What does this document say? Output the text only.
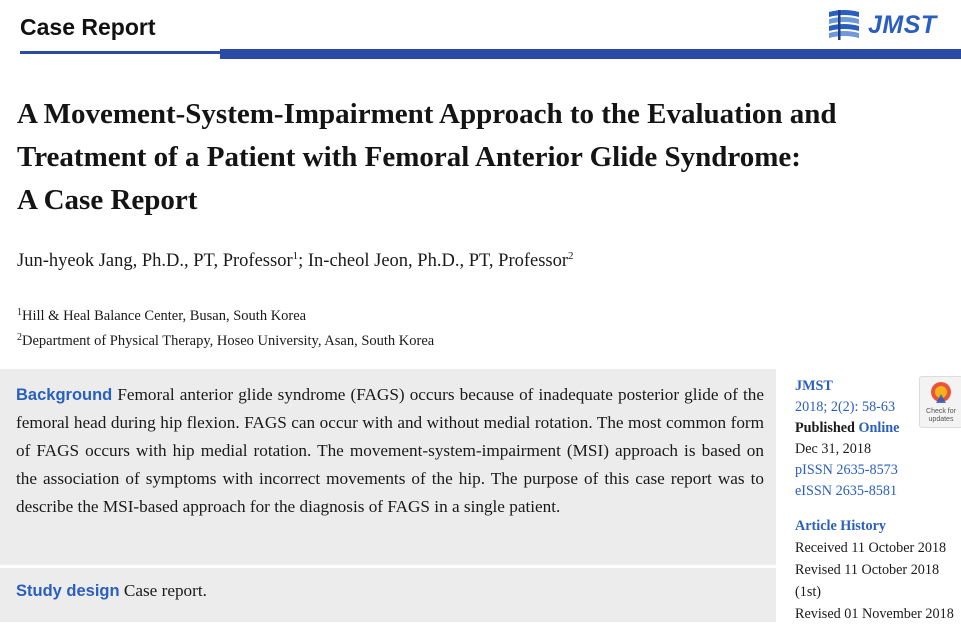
Case Report	JMST
A Movement-System-Impairment Approach to the Evaluation and
Treatment of a Patient with Femoral Anterior Glide Syndrome:
A Case Report
Jun-hyeok Jang, Ph.D., PT, Professor$^1$; In-cheol Jeon, Ph.D., PT, Professor$^2$
$^1$Hill & Heal Balance Center, Busan, South Korea
$^2$Department of Physical Therapy, Hoseo University, Asan, South Korea
Background Femoral anterior glide syndrome (FAGS) occurs because of inadequate posterior glide of the femoral head during hip flexion. FAGS can occur with and without medial rotation. The most common form of FAGS occurs with hip medial rotation. The movement-system-impairment (MSI) approach is based on the association of symptoms with incorrect movements of the hip. The purpose of this case report was to describe the MSI-based approach for the diagnosis of FAGS in a single patient.
Study design Case report.
JMST
2018; 2(2): 58-63
Published Online
Dec 31, 2018
pISSN 2635-8573
eISSN 2635-8581
Article History
Received 11 October 2018
Revised 11 October 2018
(1st)
Revised 01 November 2018
Check for
updates
